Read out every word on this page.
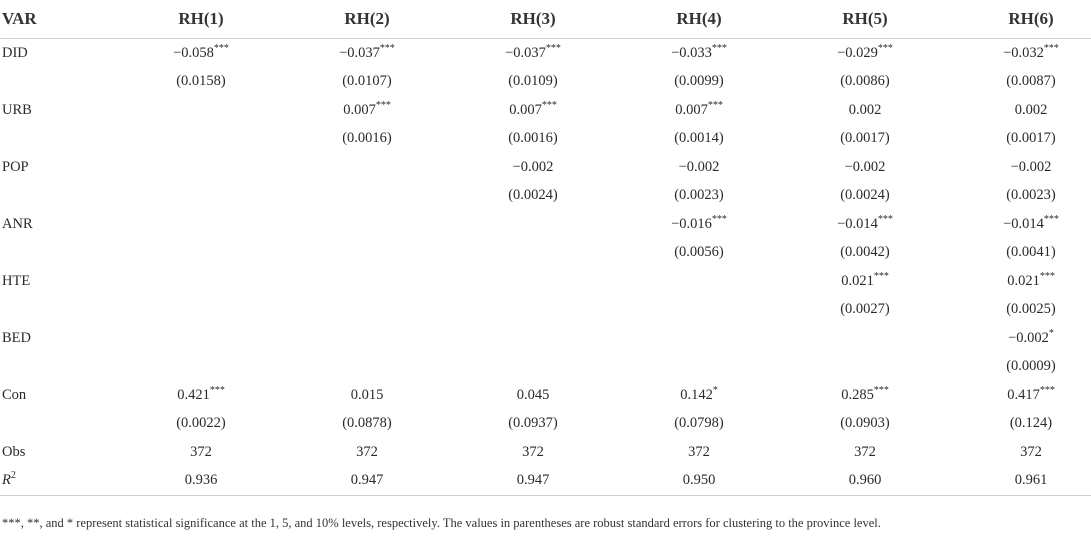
VAR	RH(1)	RH(2)	RH(3)	RH(4)	RH(5)	RH(6)
DID	−0.058***	−0.037***	−0.037***	−0.033***	−0.029***	−0.032***
	(0.0158)	(0.0107)	(0.0109)	(0.0099)	(0.0086)	(0.0087)
URB		0.007***	0.007***	0.007***	0.002	0.002
		(0.0016)	(0.0016)	(0.0014)	(0.0017)	(0.0017)
POP			−0.002	−0.002	−0.002	−0.002
			(0.0024)	(0.0023)	(0.0024)	(0.0023)
ANR				−0.016***	−0.014***	−0.014***
				(0.0056)	(0.0042)	(0.0041)
HTE					0.021***	0.021***
					(0.0027)	(0.0025)
BED						−0.002*
						(0.0009)
Con	0.421***	0.015	0.045	0.142*	0.285***	0.417***
	(0.0022)	(0.0878)	(0.0937)	(0.0798)	(0.0903)	(0.124)
Obs	372	372	372	372	372	372
$R^2$	0.936	0.947	0.947	0.950	0.960	0.961
***, **, and * represent statistical significance at the 1, 5, and 10% levels, respectively. The values in parentheses are robust standard errors for clustering to the province level.
